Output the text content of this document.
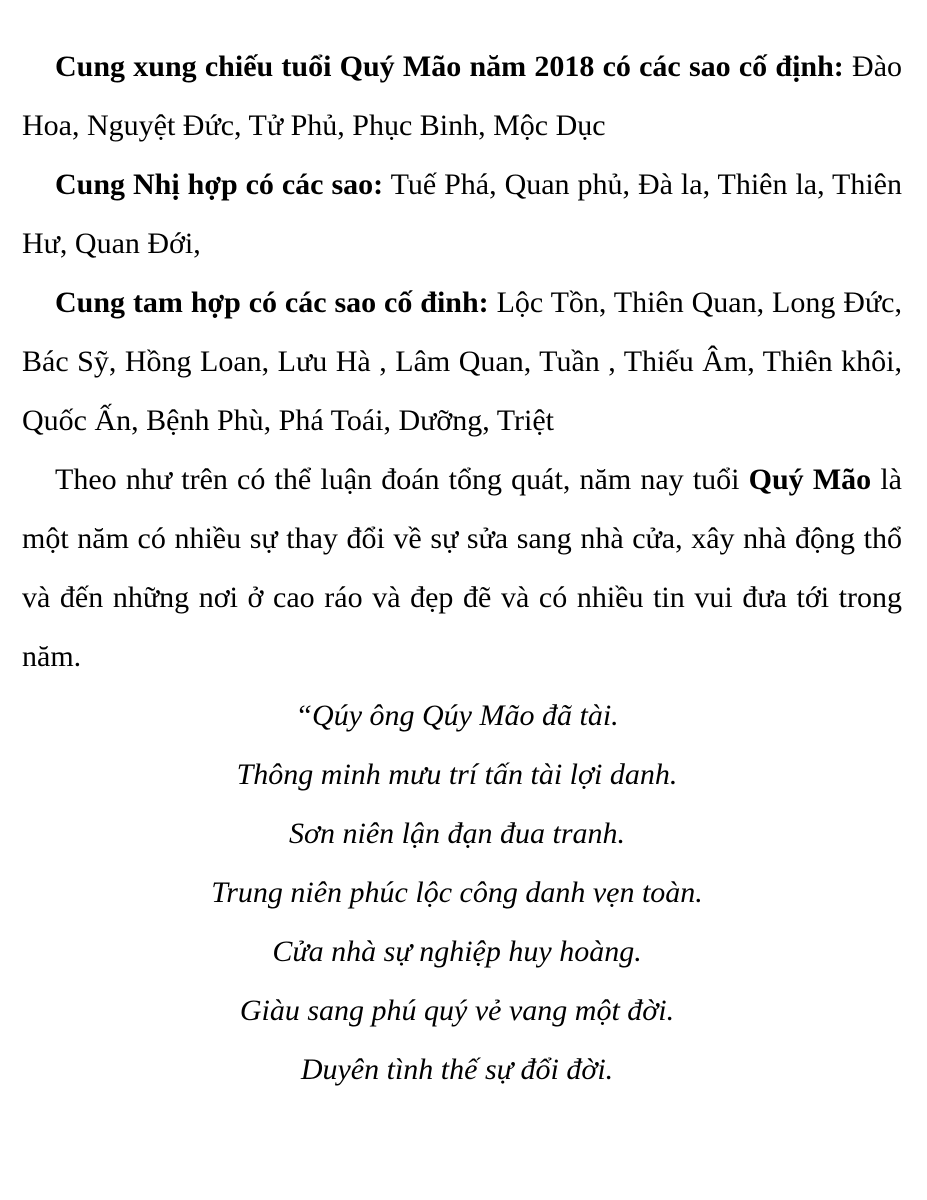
Cung xung chiếu tuổi Quý Mão năm 2018 có các sao cố định: Đào Hoa, Nguyệt Đức, Tử Phủ, Phục Binh, Mộc Dục

Cung Nhị hợp có các sao: Tuế Phá, Quan phủ, Đà la, Thiên la, Thiên Hư, Quan Đới,

Cung tam hợp có các sao cố đinh: Lộc Tồn, Thiên Quan, Long Đức, Bác Sỹ, Hồng Loan, Lưu Hà , Lâm Quan, Tuần , Thiếu Âm, Thiên khôi, Quốc Ấn, Bệnh Phù, Phá Toái, Dưỡng, Triệt

Theo như trên có thể luận đoán tổng quát, năm nay tuổi Quý Mão là một năm có nhiều sự thay đổi về sự sửa sang nhà cửa, xây nhà động thổ và đến những nơi ở cao ráo và đẹp đẽ và có nhiều tin vui đưa tới trong năm.

“Qúy ông Qúy Mão đã tài.
Thông minh mưu trí tấn tài lợi danh.
Sơn niên lận đạn đua tranh.
Trung niên phúc lộc công danh vẹn toàn.
Cửa nhà sự nghiệp huy hoàng.
Giàu sang phú quý vẻ vang một đời.
Duyên tình thế sự đổi đời.
